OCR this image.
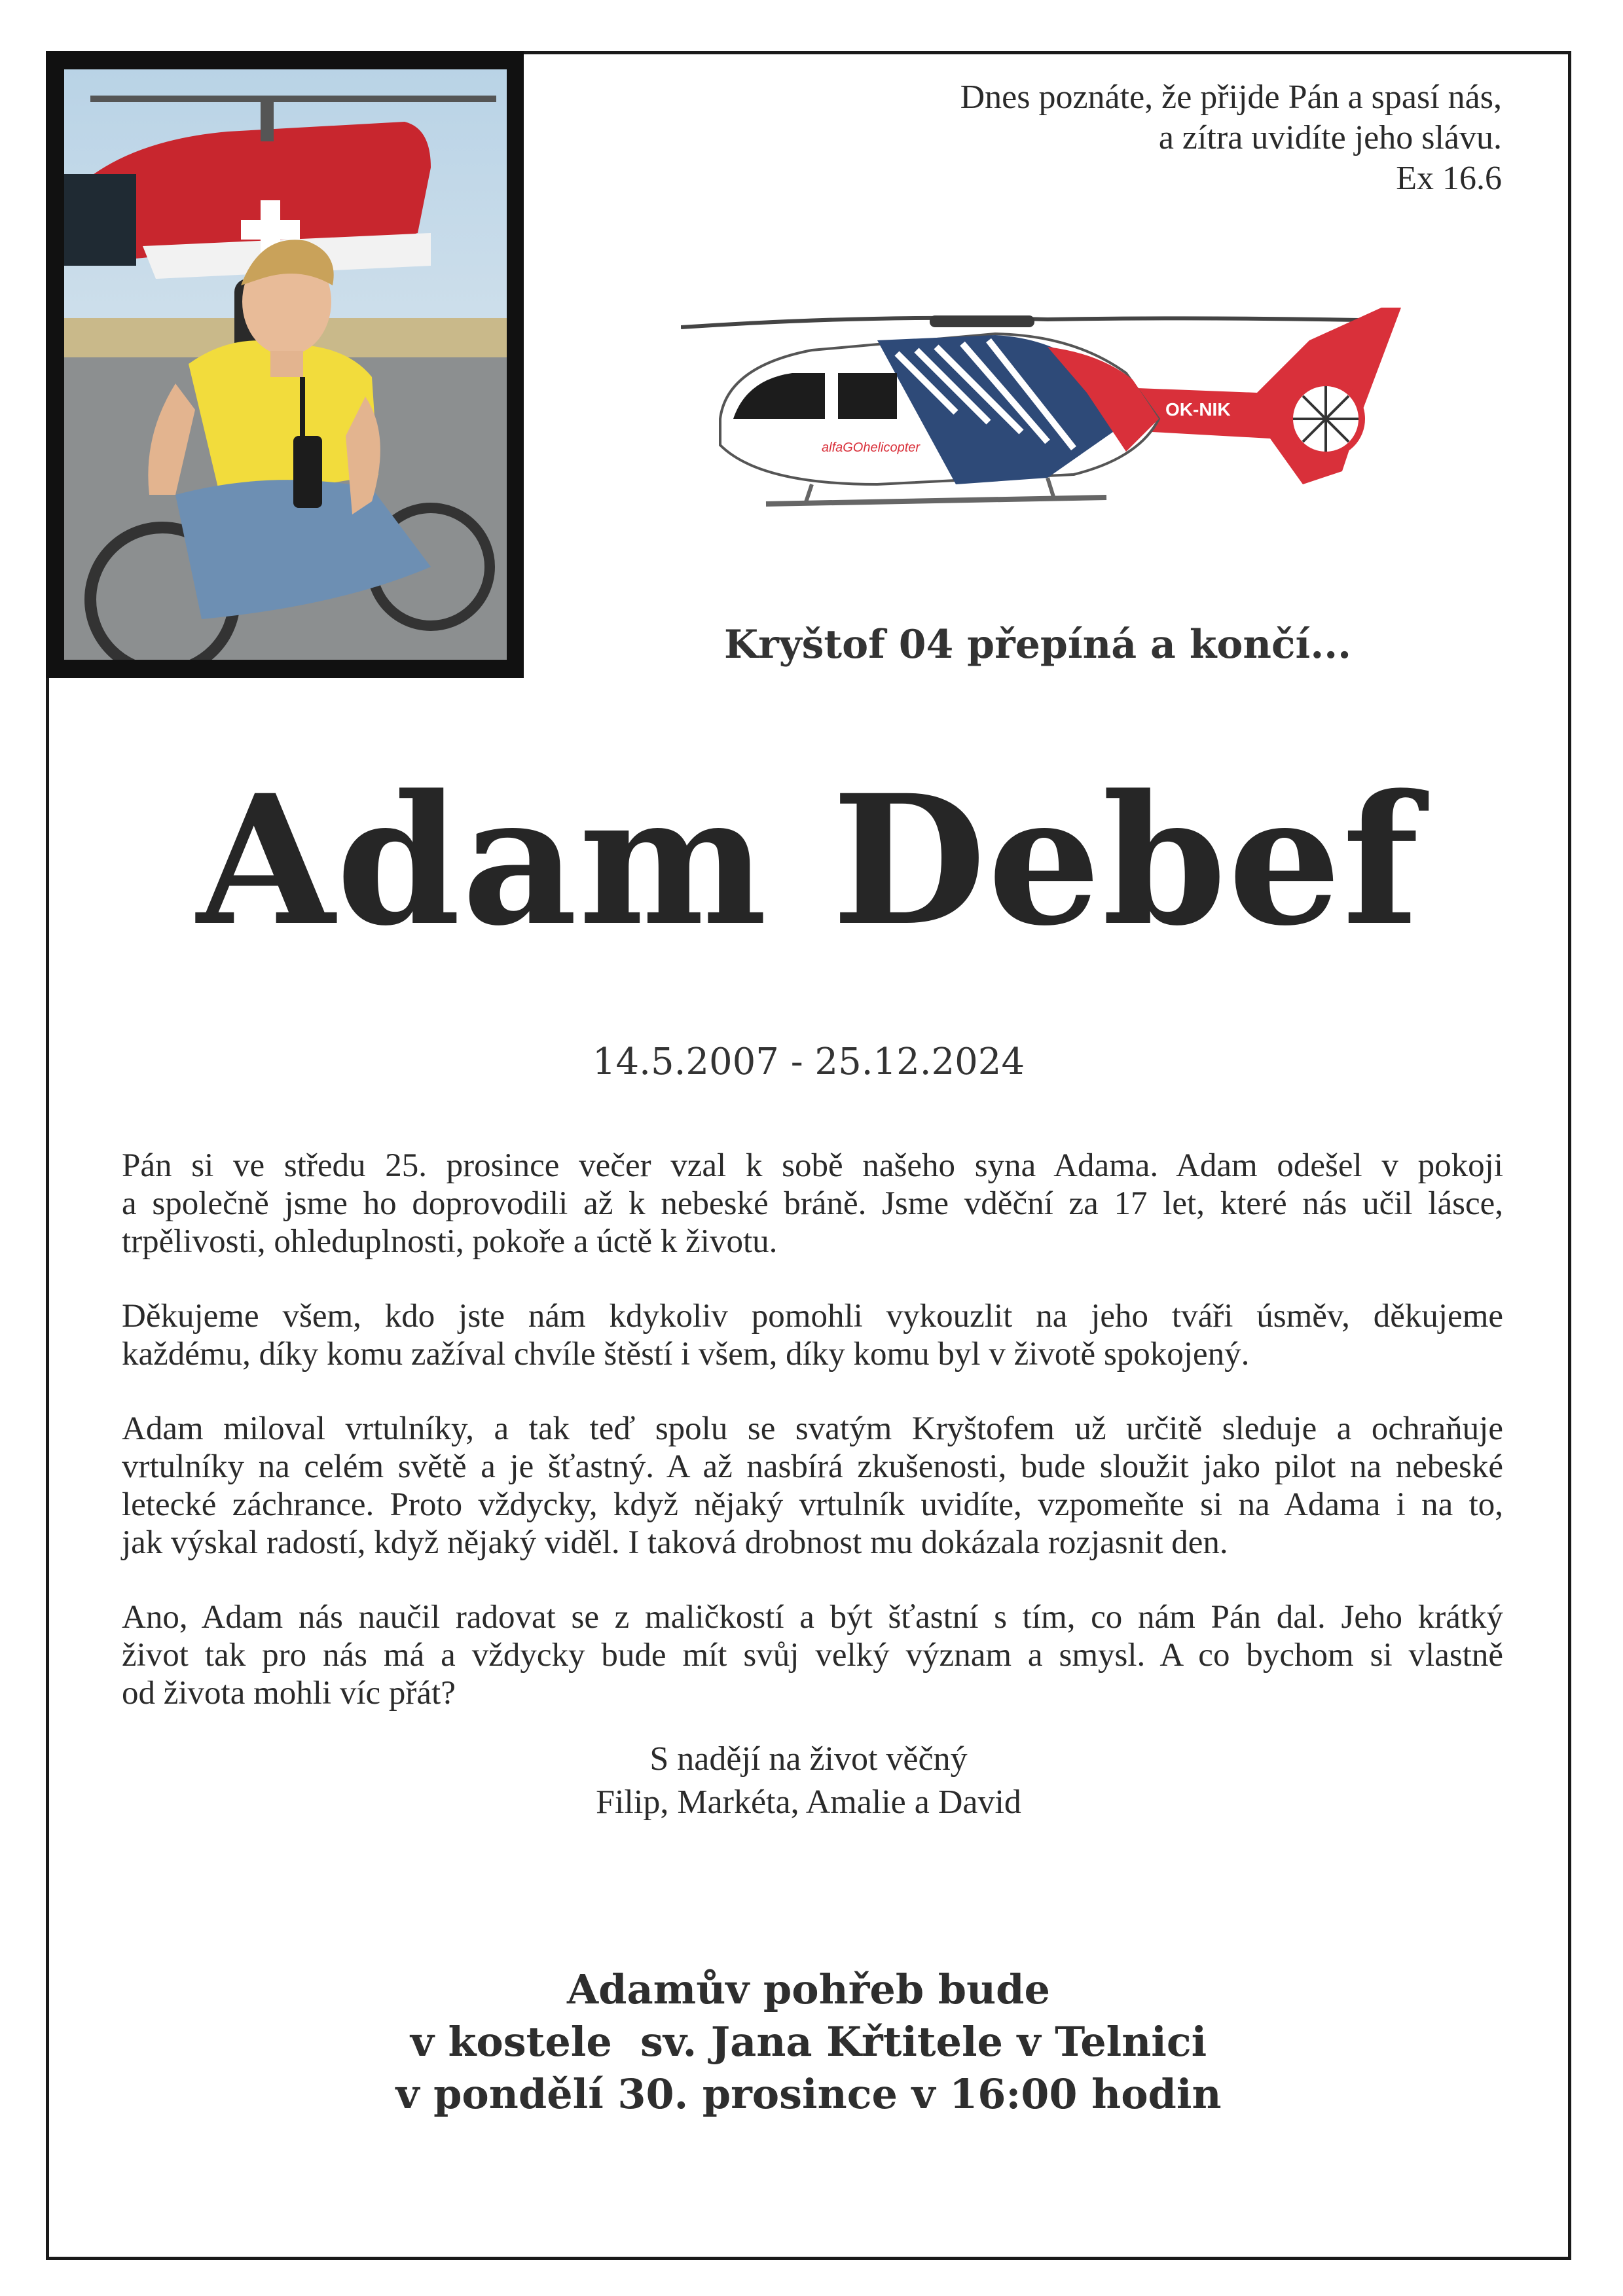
Dnes poznáte, že přijde Pán a spasí nás,
a zítra uvidíte jeho slávu.
Ex 16.6
OK-NIK
alfaGOhelicopter
Kryštof 04 přepíná a končí...
Adam Debef
14.5.2007 - 25.12.2024
Pán si ve středu 25. prosince večer vzal k sobě našeho syna Adama. Adam odešel v pokoji
a společně jsme ho doprovodili až k nebeské bráně. Jsme vděční za 17 let, které nás učil lásce,
trpělivosti, ohleduplnosti, pokoře a úctě k životu.
Děkujeme všem, kdo jste nám kdykoliv pomohli vykouzlit na jeho tváři úsměv, děkujeme
každému, díky komu zažíval chvíle štěstí i všem, díky komu byl v životě spokojený.
Adam miloval vrtulníky, a tak teď spolu se svatým Kryštofem už určitě sleduje a ochraňuje
vrtulníky na celém světě a je šťastný. A až nasbírá zkušenosti, bude sloužit jako pilot na nebeské
letecké záchrance. Proto vždycky, když nějaký vrtulník uvidíte, vzpomeňte si na Adama i na to,
jak výskal radostí, když nějaký viděl. I taková drobnost mu dokázala rozjasnit den.
Ano, Adam nás naučil radovat se z maličkostí a být šťastní s tím, co nám Pán dal. Jeho krátký
život tak pro nás má a vždycky bude mít svůj velký význam a smysl. A co bychom si vlastně
od života mohli víc přát?
S nadějí na život věčný
Filip, Markéta, Amalie a David
Adamův pohřeb bude
v kostele  sv. Jana Křtitele v Telnici
v pondělí 30. prosince v 16:00 hodin
